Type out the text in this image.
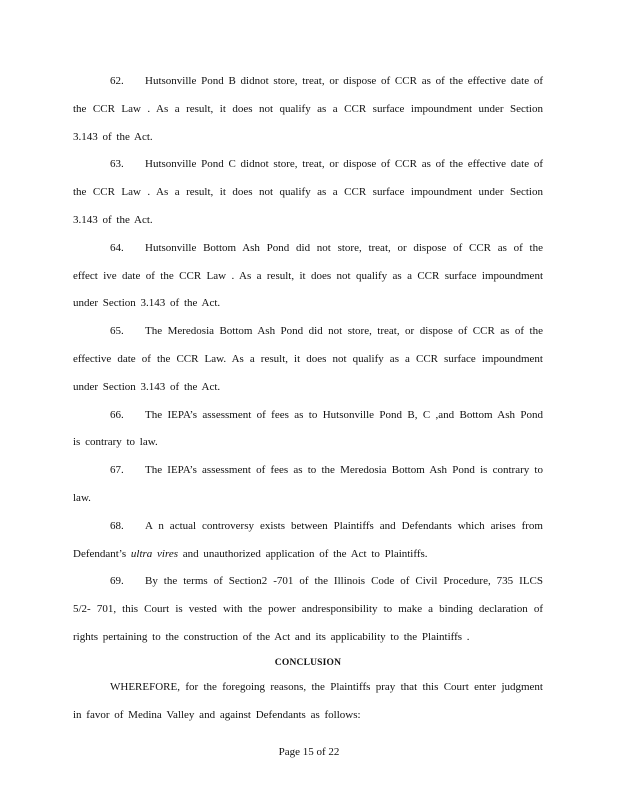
62. Hutsonville Pond B didnot store, treat, or dispose of CCR as of the effective date of the CCR Law . As a result, it does not qualify as a CCR surface impoundment under Section 3.143 of the Act.

63. Hutsonville Pond C didnot store, treat, or dispose of CCR as of the effective date of the CCR Law . As a result, it does not qualify as a CCR surface impoundment under Section 3.143 of the Act.

64. Hutsonville Bottom Ash Pond did not store, treat, or dispose of CCR as of the effect ive date of the CCR Law . As a result, it does not qualify as a CCR surface impoundment under Section 3.143 of the Act.

65. The Meredosia Bottom Ash Pond did not store, treat, or dispose of CCR as of the effective date of the CCR Law. As a result, it does not qualify as a CCR surface impoundment under Section 3.143 of the Act.

66. The IEPA’s assessment of fees as to Hutsonville Pond B, C ,and Bottom Ash Pond is contrary to law.

67. The IEPA’s assessment of fees as to the Meredosia Bottom Ash Pond is contrary to law.

68. A n actual controversy exists between Plaintiffs and Defendants which arises from Defendant’s ultra vires and unauthorized application of the Act to Plaintiffs.

69. By the terms of Section2 -701 of the Illinois Code of Civil Procedure, 735 ILCS 5/2- 701, this Court is vested with the power andresponsibility to make a binding declaration of rights pertaining to the construction of the Act and its applicability to the Plaintiffs .

CONCLUSION

WHEREFORE, for the foregoing reasons, the Plaintiffs pray that this Court enter judgment in favor of Medina Valley and against Defendants as follows:

Page 15 of 22
